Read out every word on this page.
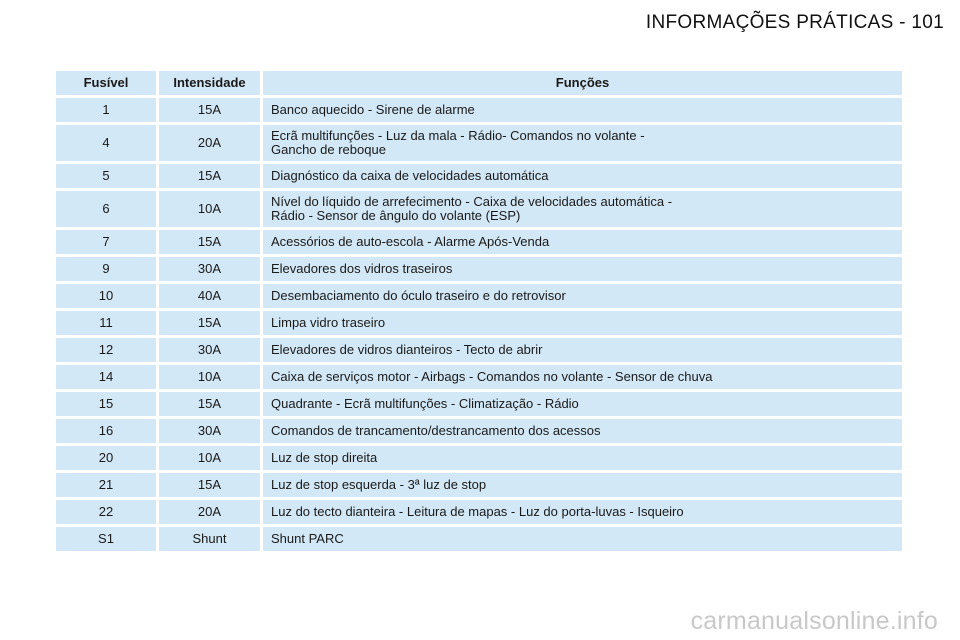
INFORMAÇÕES PRÁTICAS - 101
Fusível	Intensidade	Funções
1	15A	Banco aquecido - Sirene de alarme

4	20A	Ecrã multifunções - Luz da mala - Rádio- Comandos no volante -
Gancho de reboque

5	15A	Diagnóstico da caixa de velocidades automática

6	10A	Nível do líquido de arrefecimento - Caixa de velocidades automática -
Rádio - Sensor de ângulo do volante (ESP)

7	15A	Acessórios de auto-escola - Alarme Após-Venda

9	30A	Elevadores dos vidros traseiros

10	40A	Desembaciamento do óculo traseiro e do retrovisor

11	15A	Limpa vidro traseiro

12	30A	Elevadores de vidros dianteiros - Tecto de abrir

14	10A	Caixa de serviços motor - Airbags - Comandos no volante - Sensor de chuva

15	15A	Quadrante - Ecrã multifunções - Climatização - Rádio

16	30A	Comandos de trancamento/destrancamento dos acessos

20	10A	Luz de stop direita

21	15A	Luz de stop esquerda - 3ª luz de stop

22	20A	Luz do tecto dianteira - Leitura de mapas - Luz do porta-luvas - Isqueiro

S1	Shunt	Shunt PARC
carmanualsonline.info
